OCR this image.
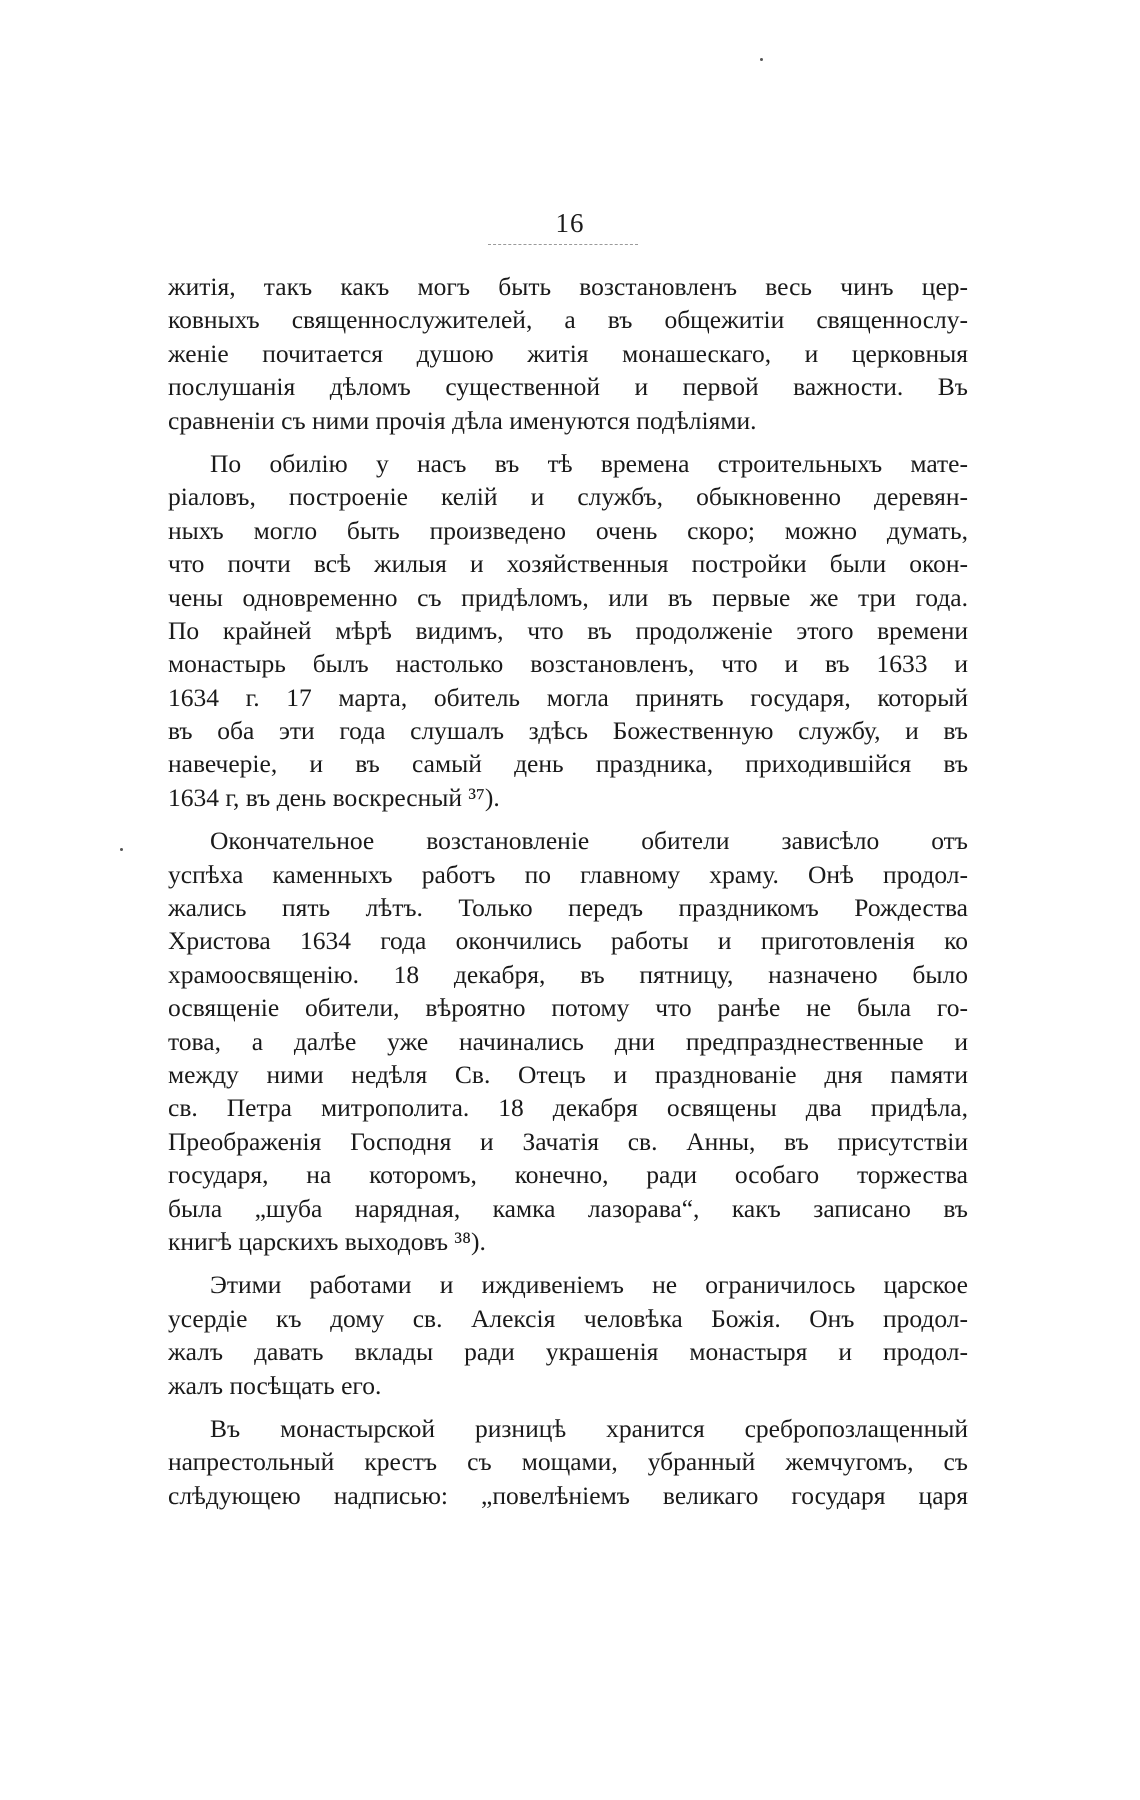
16
житія, такъ какъ могъ быть возстановленъ весь чинъ цер-
ковныхъ священнослужителей, а въ общежитіи священнослу-
женіе почитается душою житія монашескаго, и церковныя
послушанія дѣломъ существенной и первой важности. Въ
сравненіи съ ними прочія дѣла именуются подѣліями.
По обилію у насъ въ тѣ времена строительныхъ мате-
ріаловъ, построеніе келій и службъ, обыкновенно деревян-
ныхъ могло быть произведено очень скоро; можно думать,
что почти всѣ жилыя и хозяйственныя постройки были окон-
чены одновременно съ придѣломъ, или въ первые же три года.
По крайней мѣрѣ видимъ, что въ продолженіе этого времени
монастырь былъ настолько возстановленъ, что и въ 1633 и
1634 г. 17 марта, обитель могла принять государя, который
въ оба эти года слушалъ здѣсь Божественную службу, и въ
навечеріе, и въ самый день праздника, приходившійся въ
1634 г, въ день воскресный ³⁷).
Окончательное возстановленіе обители зависѣло отъ
успѣха каменныхъ работъ по главному храму. Онѣ продол-
жались пять лѣтъ. Только передъ праздникомъ Рождества
Христова 1634 года окончились работы и приготовленія ко
храмоосвященію. 18 декабря, въ пятницу, назначено было
освященіе обители, вѣроятно потому что ранѣе не была го-
това, а далѣе уже начинались дни предпразднественные и
между ними недѣля Св. Отецъ и празднованіе дня памяти
св. Петра митрополита. 18 декабря освящены два придѣла,
Преображенія Господня и Зачатія св. Анны, въ присутствіи
государя, на которомъ, конечно, ради особаго торжества
была „шуба нарядная, камка лазорава“, какъ записано въ
книгѣ царскихъ выходовъ ³⁸).
Этими работами и иждивеніемъ не ограничилось царское
усердіе къ дому св. Алексія человѣка Божія. Онъ продол-
жалъ давать вклады ради украшенія монастыря и продол-
жалъ посѣщать его.
Въ монастырской ризницѣ хранится сребропозлащенный
напрестольный крестъ съ мощами, убранный жемчугомъ, съ
слѣдующею надписью: „повелѣніемъ великаго государя царя
